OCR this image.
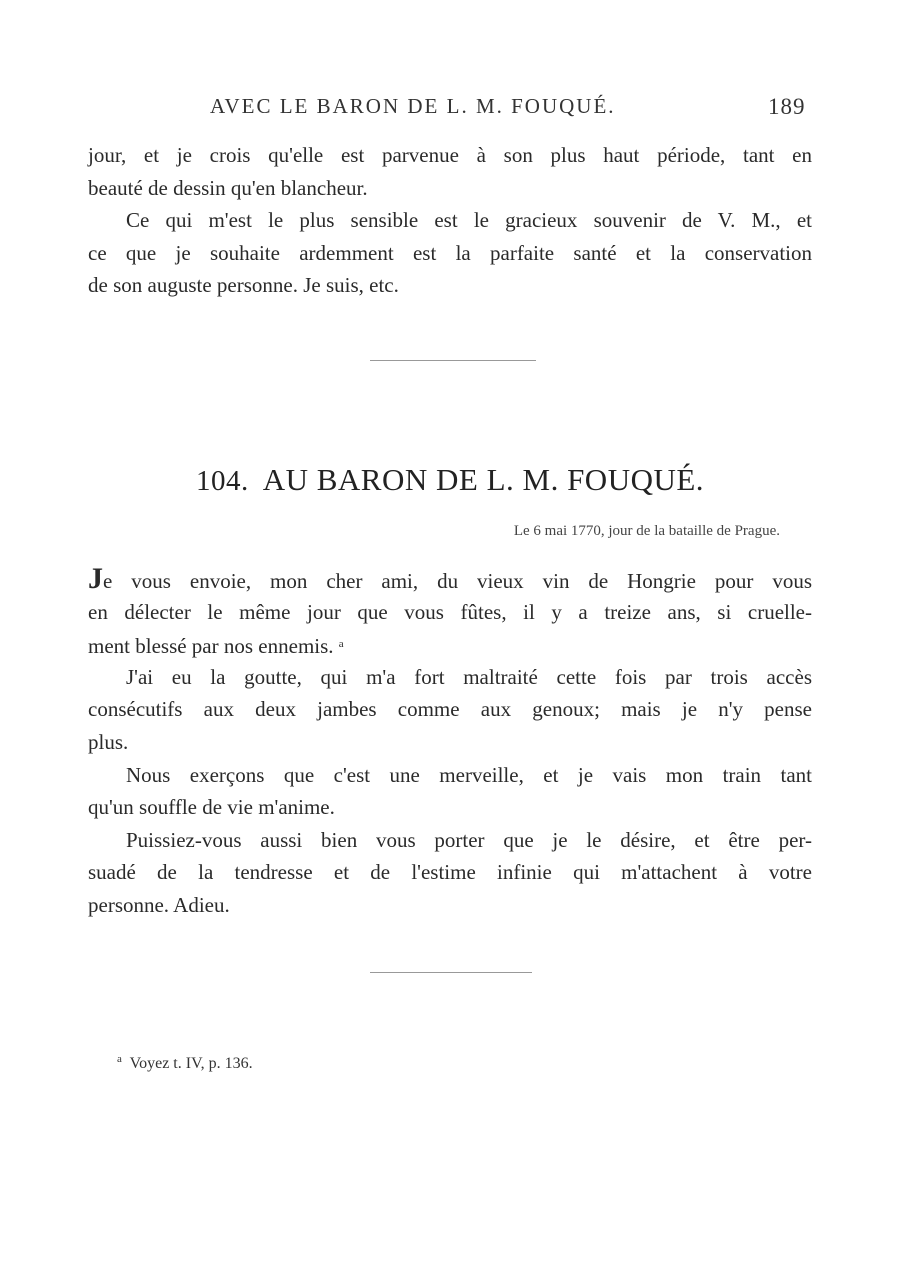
AVEC LE BARON DE L. M. FOUQUÉ.	189
jour, et je crois qu'elle est parvenue à son plus haut période, tant en
beauté de dessin qu'en blancheur.
Ce qui m'est le plus sensible est le gracieux souvenir de V. M., et
ce que je souhaite ardemment est la parfaite santé et la conservation
de son auguste personne. Je suis, etc.
104. AU BARON DE L. M. FOUQUÉ.
Le 6 mai 1770, jour de la bataille de Prague.
Je vous envoie, mon cher ami, du vieux vin de Hongrie pour vous
en délecter le même jour que vous fûtes, il y a treize ans, si cruelle-
ment blessé par nos ennemis. $^a$
J'ai eu la goutte, qui m'a fort maltraité cette fois par trois accès
consécutifs aux deux jambes comme aux genoux; mais je n'y pense
plus.
Nous exerçons que c'est une merveille, et je vais mon train tant
qu'un souffle de vie m'anime.
Puissiez-vous aussi bien vous porter que je le désire, et être per-
suadé de la tendresse et de l'estime infinie qui m'attachent à votre
personne. Adieu.
$^a$ Voyez t. IV, p. 136.
